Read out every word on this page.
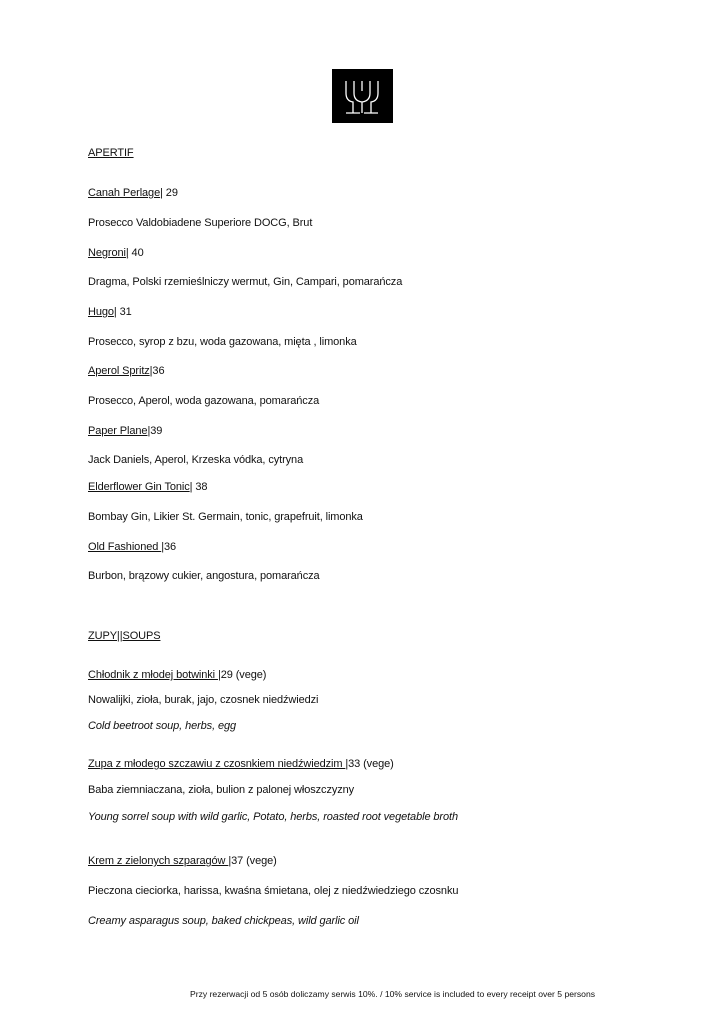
APERTIF
Canah Perlage| 29
Prosecco Valdobiadene Superiore DOCG, Brut
Negroni| 40
Dragma, Polski rzemieślniczy wermut, Gin, Campari, pomarańcza
Hugo| 31
Prosecco, syrop z bzu, woda gazowana, mięta , limonka
Aperol Spritz|36
Prosecco, Aperol, woda gazowana, pomarańcza
Paper Plane|39
Jack Daniels, Aperol, Krzeska vódka, cytryna
Elderflower Gin Tonic| 38
Bombay Gin, Likier St. Germain, tonic, grapefruit, limonka
Old Fashioned |36
Burbon, brązowy cukier, angostura, pomarańcza
ZUPY||SOUPS
Chłodnik z młodej botwinki |29 (vege)
Nowalijki, zioła, burak, jajo, czosnek niedźwiedzi
Cold beetroot soup, herbs, egg
Zupa z młodego szczawiu z czosnkiem niedźwiedzim |33 (vege)
Baba ziemniaczana, zioła, bulion z palonej włoszczyzny
Young sorrel soup with wild garlic, Potato, herbs, roasted root vegetable broth
Krem z zielonych szparagów |37 (vege)
Pieczona cieciorka, harissa, kwaśna śmietana, olej z niedźwiedziego czosnku
Creamy asparagus soup, baked chickpeas, wild garlic oil
Przy rezerwacji od 5 osób doliczamy serwis 10%. / 10% service is included to every receipt over 5 persons
